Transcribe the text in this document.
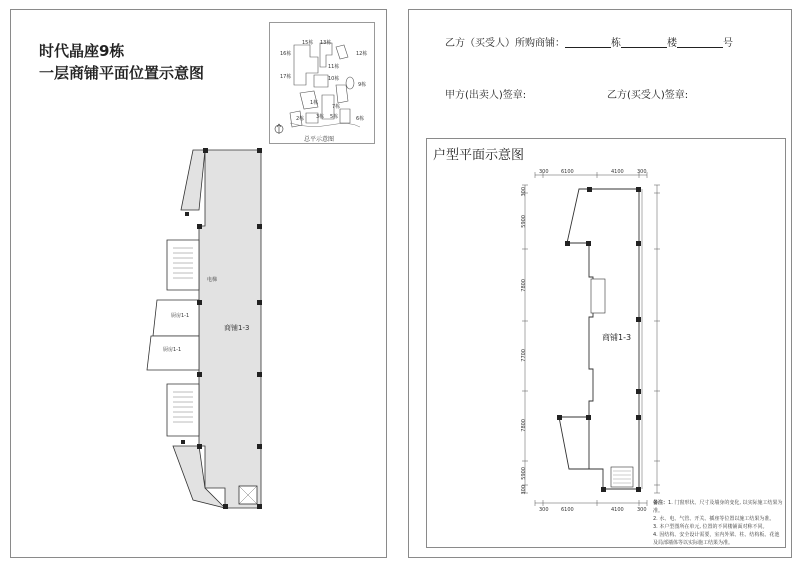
时代晶座9栋
一层商铺平面位置示意图
15栋 13栋
16栋
11栋
12栋
17栋	10栋
9栋
1栋
7栋
2栋 3栋 5栋	6栋
总平示意图
商铺1-3
厨房1-1
厨房1-1
电梯
乙方（买受人）所购商铺：	栋	楼	号
甲方(出卖人)签章:	乙方(买受人)签章:
户型平面示意图
商铺1-3
300 6100	4100	300
300 6100	4100	300
300
5900
7800
7700
7800
5900
300
备注：1. 门窗形状、尺寸及墙身的变化, 以实际施工结果为准。
2. 水、电、气管、开关、插座等位置以施工结果为准。
3. 本户型图所在单元, 位置的不同楼铺面对称不同。
4. 因结构、安全设计需要，室内外梁、柱、结构板、花池及局部墙体等以实际施工结果为准。
